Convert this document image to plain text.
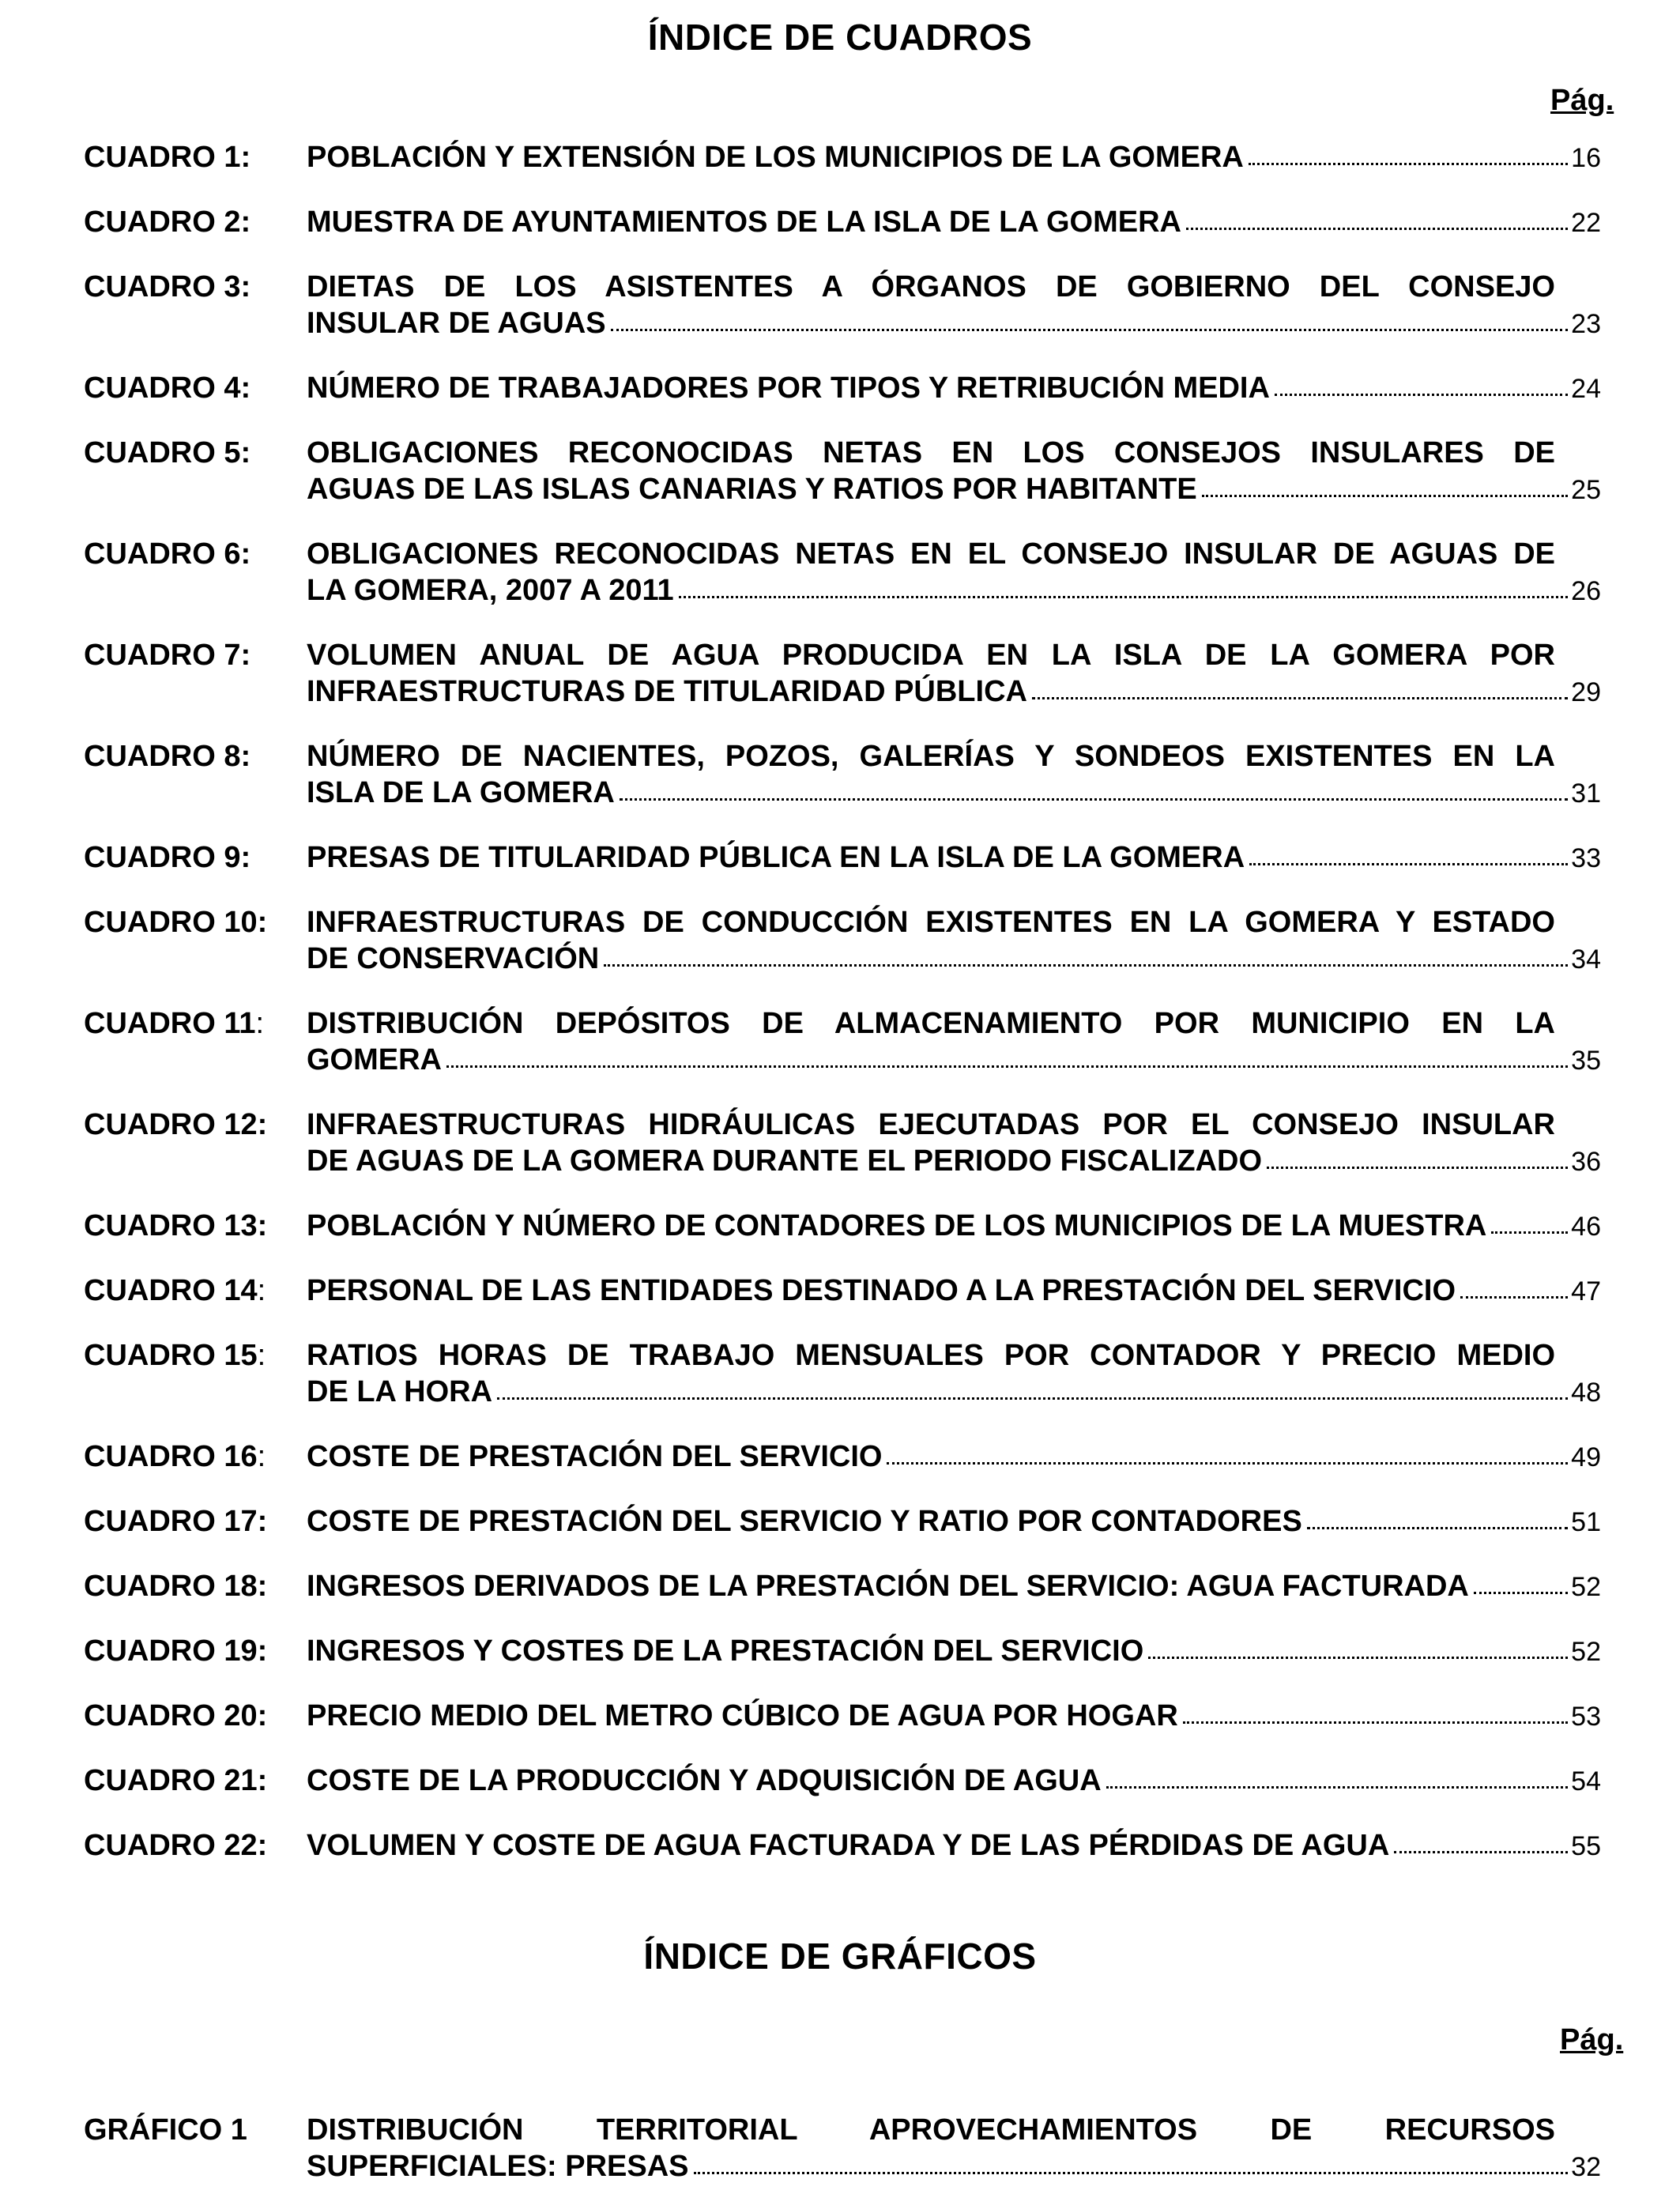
ÍNDICE DE CUADROS
Pág.
CUADRO 1: POBLACIÓN Y EXTENSIÓN DE LOS MUNICIPIOS DE LA GOMERA	16
CUADRO 2: MUESTRA DE AYUNTAMIENTOS DE LA ISLA DE LA GOMERA	22
CUADRO 3: DIETAS DE LOS ASISTENTES A ÓRGANOS DE GOBIERNO DEL CONSEJO
INSULAR DE AGUAS	23
CUADRO 4: NÚMERO DE TRABAJADORES POR TIPOS Y RETRIBUCIÓN MEDIA	24
CUADRO 5: OBLIGACIONES RECONOCIDAS NETAS EN LOS CONSEJOS INSULARES DE
AGUAS DE LAS ISLAS CANARIAS Y RATIOS POR HABITANTE	25
CUADRO 6: OBLIGACIONES RECONOCIDAS NETAS EN EL CONSEJO INSULAR DE AGUAS DE
LA GOMERA, 2007 A 2011	26
CUADRO 7: VOLUMEN ANUAL DE AGUA PRODUCIDA EN LA ISLA DE LA GOMERA POR
INFRAESTRUCTURAS DE TITULARIDAD PÚBLICA	29
CUADRO 8: NÚMERO DE NACIENTES, POZOS, GALERÍAS Y SONDEOS EXISTENTES EN LA
ISLA DE LA GOMERA	31
CUADRO 9: PRESAS DE TITULARIDAD PÚBLICA EN LA ISLA DE LA GOMERA	33
CUADRO 10: INFRAESTRUCTURAS DE CONDUCCIÓN EXISTENTES EN LA GOMERA Y ESTADO
DE CONSERVACIÓN	34
CUADRO 11: DISTRIBUCIÓN DEPÓSITOS DE ALMACENAMIENTO POR MUNICIPIO EN LA
GOMERA	35
CUADRO 12: INFRAESTRUCTURAS HIDRÁULICAS EJECUTADAS POR EL CONSEJO INSULAR
DE AGUAS DE LA GOMERA DURANTE EL PERIODO FISCALIZADO	36
CUADRO 13: POBLACIÓN Y NÚMERO DE CONTADORES DE LOS MUNICIPIOS DE LA MUESTRA	46
CUADRO 14: PERSONAL DE LAS ENTIDADES DESTINADO A LA PRESTACIÓN DEL SERVICIO	47
CUADRO 15: RATIOS HORAS DE TRABAJO MENSUALES POR CONTADOR Y PRECIO MEDIO
DE LA HORA	48
CUADRO 16: COSTE DE PRESTACIÓN DEL SERVICIO	49
CUADRO 17: COSTE DE PRESTACIÓN DEL SERVICIO Y RATIO POR CONTADORES	51
CUADRO 18: INGRESOS DERIVADOS DE LA PRESTACIÓN DEL SERVICIO: AGUA FACTURADA	52
CUADRO 19: INGRESOS Y COSTES DE LA PRESTACIÓN DEL SERVICIO	52
CUADRO 20: PRECIO MEDIO DEL METRO CÚBICO DE AGUA POR HOGAR	53
CUADRO 21: COSTE DE LA PRODUCCIÓN Y ADQUISICIÓN DE AGUA	54
CUADRO 22: VOLUMEN Y COSTE DE AGUA FACTURADA Y DE LAS PÉRDIDAS DE AGUA	55
ÍNDICE DE GRÁFICOS
Pág.
GRÁFICO 1 DISTRIBUCIÓN TERRITORIAL APROVECHAMIENTOS DE RECURSOS
SUPERFICIALES: PRESAS	32
